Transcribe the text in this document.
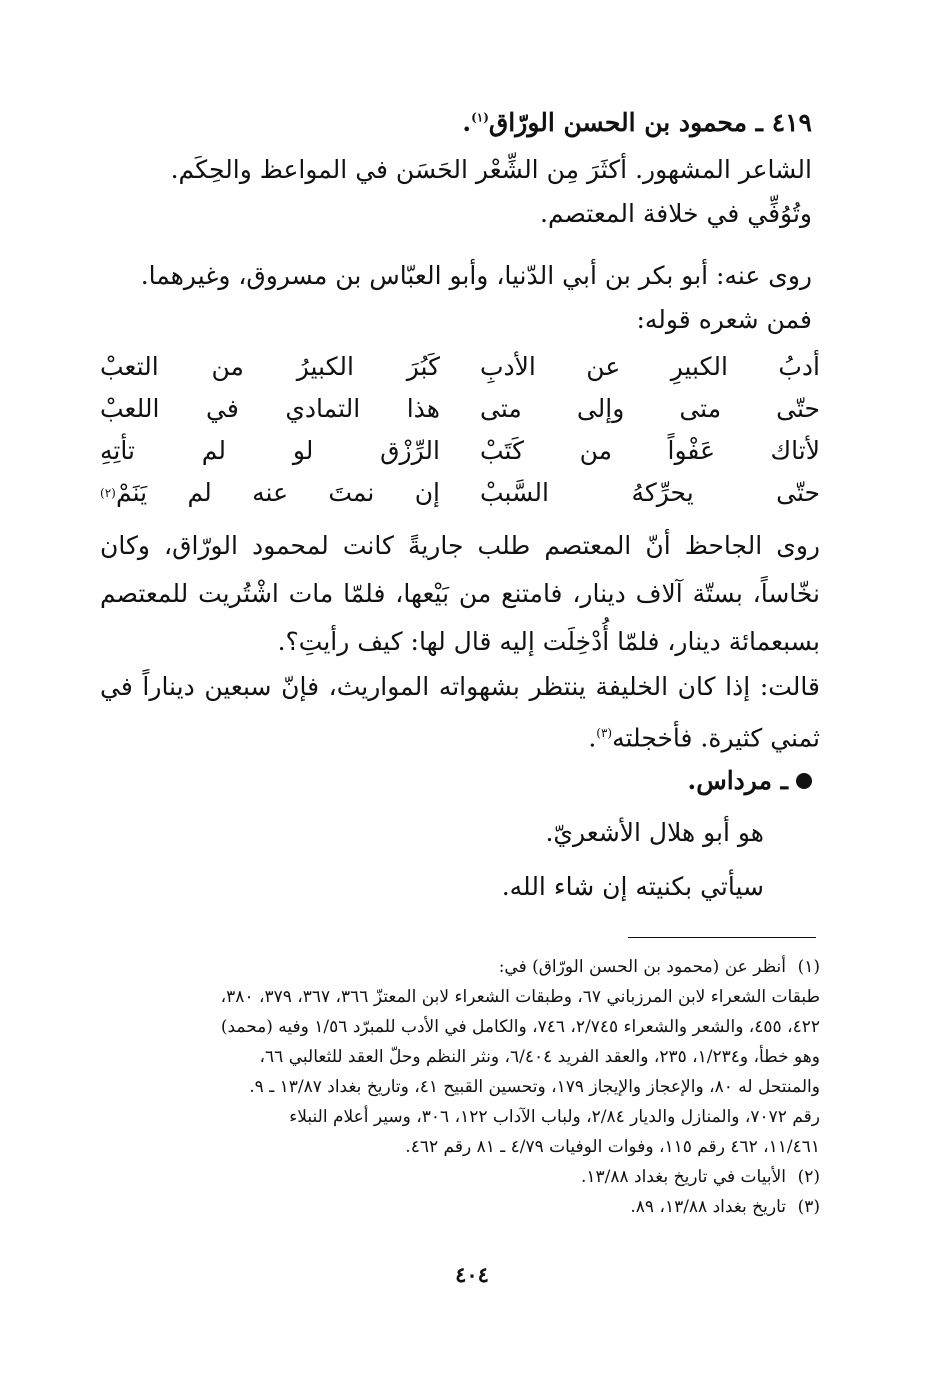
٤١٩ ـ محمود بن الحسن الورّاق$^{(١)}$.

الشاعر المشهور. أكثَرَ مِن الشِّعْر الحَسَن في المواعظ والحِكَم.

وتُوُفِّي في خلافة المعتصم.

روى عنه: أبو بكر بن أبي الدّنيا، وأبو العبّاس بن مسروق، وغيرهما.

فمن شعره قوله:

أدبُ الكبيرِ عن الأدبِ
كَبُرَ الكبيرُ من التعبْ
حتّى متى وإلى متى
هذا التمادي في اللعبْ
لأتاك عَفْواً من كَتَبْ
الرِّزْق لو لم تأتِهِ
حتّى يحرِّكهُ السَّببْ
إن نمتَ عنه لم يَنَمْ
(٢)

روى الجاحظ أنّ المعتصم طلب جاريةً كانت لمحمود الورّاق، وكان نخّاساً، بستّة آلاف دينار، فامتنع من بَيْعها، فلمّا مات اشْتُريت للمعتصم بسبعمائة دينار، فلمّا أُدْخِلَت إليه قال لها: كيف رأيتِ؟.

قالت: إذا كان الخليفة ينتظر بشهواته المواريث، فإنّ سبعين ديناراً في ثمني كثيرة. فأخجلته$^{(٣)}$.

ـ مرداس.
هو أبو هلال الأشعريّ.
سيأتي بكنيته إن شاء الله.
(١)
أنظر عن (محمود بن الحسن الورّاق) في:
طبقات الشعراء لابن المرزباني ٦٧، وطبقات الشعراء لابن المعتزّ ٣٦٦، ٣٦٧، ٣٧٩، ٣٨٠،
٤٢٢، ٤٥٥، والشعر والشعراء ٢/٧٤٥، ٧٤٦، والكامل في الأدب للمبرّد ١/٥٦ وفيه (محمد)
وهو خطأ، و١/٢٣٤، ٢٣٥، والعقد الفريد ٦/٤٠٤، ونثر النظم وحلّ العقد للثعالبي ٦٦،
والمنتحل له ٨٠، والإعجاز والإيجاز ١٧٩، وتحسين القبيح ٤١، وتاريخ بغداد ١٣/٨٧ ـ ٩.
رقم ٧٠٧٢، والمنازل والديار ٢/٨٤، ولباب الآداب ١٢٢، ٣٠٦، وسير أعلام النبلاء
١١/٤٦١، ٤٦٢ رقم ١١٥، وفوات الوفيات ٤/٧٩ ـ ٨١ رقم ٤٦٢.
(٢)
الأبيات في تاريخ بغداد ١٣/٨٨.
(٣)
تاريخ بغداد ١٣/٨٨، ٨٩.
٤٠٤
